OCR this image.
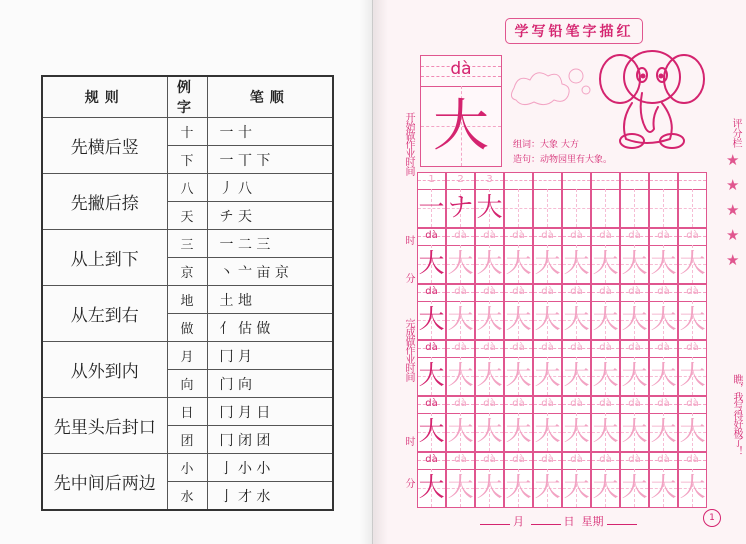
规则	例字	笔顺
先横后竖	十	一 十
	下	一 丅 下
先撇后捺	八	丿 八
	天	チ 天
从上到下	三	一 二 三
	京	丶 亠 亩 京
从左到右	地	土 地
	做	亻 估 做
从外到内	月	冂 月
	向	门 向
先里头后封口	日	冂 月 日
	团	冂 闭 团
先中间后两边	小	亅 小 小
	水	亅 才 水
学写铅笔字描红
开始做作业时间
时
分
完成做作业时间
时
分
dà
大	组词：大象 大方
造句：动物园里有大象。
评分栏
★
★
★
★
★
瞧，我写得好极了！
1
一
2
ナ
3
大
dà
大
dà
大
dà
大
dà
大
dà
大
dà
大
dà
大
dà
大
dà
大
dà
大
dà
大
dà
大
dà
大
dà
大
dà
大
dà
大
dà
大
dà
大
dà
大
dà
大
dà
大
dà
大
dà
大
dà
大
dà
大
dà
大
dà
大
dà
大
dà
大
dà
大
dà
大
dà
大
dà
大
dà
大
dà
大
dà
大
dà
大
dà
大
dà
大
dà
大
dà
大
dà
大
dà
大
dà
大
dà
大
dà
大
dà
大
dà
大
dà
大
dà
大
月	日 星期	1
